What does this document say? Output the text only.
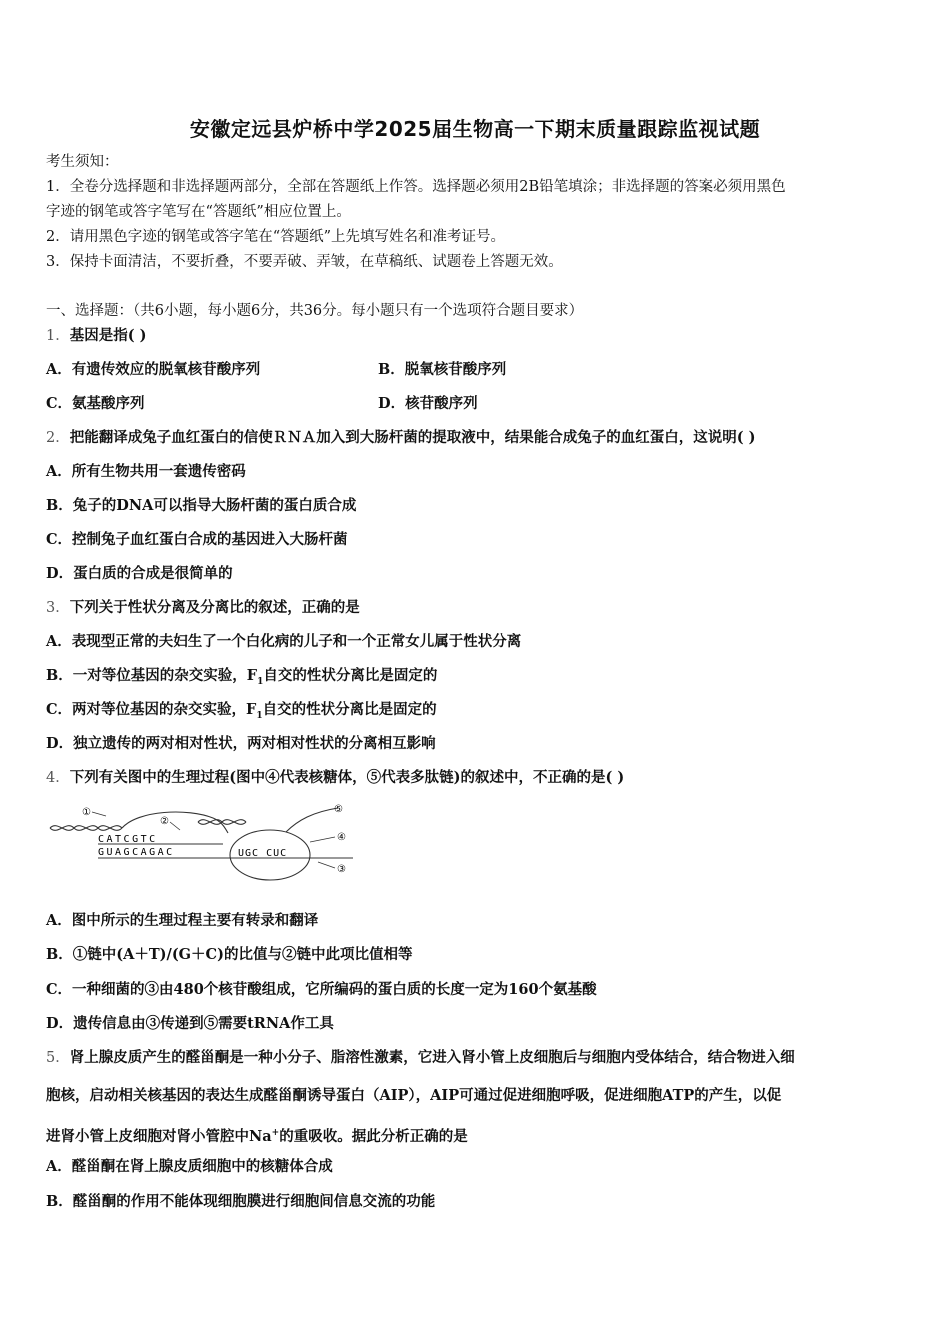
安徽定远县炉桥中学2025届生物高一下期末质量跟踪监视试题
考生须知：
1．全卷分选择题和非选择题两部分，全部在答题纸上作答。选择题必须用2B铅笔填涂；非选择题的答案必须用黑色
字迹的钢笔或答字笔写在“答题纸”相应位置上。
2．请用黑色字迹的钢笔或答字笔在“答题纸”上先填写姓名和准考证号。
3．保持卡面清洁，不要折叠，不要弄破、弄皱，在草稿纸、试题卷上答题无效。
一、选择题：（共6小题，每小题6分，共36分。每小题只有一个选项符合题目要求）
1．基因是指( )
A．有遗传效应的脱氧核苷酸序列	B．脱氧核苷酸序列
C．氨基酸序列	D．核苷酸序列
2．把能翻译成兔子血红蛋白的信使ＲＮＡ加入到大肠杆菌的提取液中，结果能合成兔子的血红蛋白，这说明( )
A．所有生物共用一套遗传密码
B．兔子的DNA可以指导大肠杆菌的蛋白质合成
C．控制兔子血红蛋白合成的基因进入大肠杆菌
D．蛋白质的合成是很简单的
3．下列关于性状分离及分离比的叙述，正确的是
A．表现型正常的夫妇生了一个白化病的儿子和一个正常女儿属于性状分离
B．一对等位基因的杂交实验，$F_1$自交的性状分离比是固定的
C．两对等位基因的杂交实验，$F_1$自交的性状分离比是固定的
D．独立遗传的两对相对性状，两对相对性状的分离相互影响
4．下列有关图中的生理过程(图中④代表核糖体，⑤代表多肽链)的叙述中，不正确的是( )
CATCGTC
GUAGCAGAC	UGC CUC
①
②
⑤
④
③
A．图中所示的生理过程主要有转录和翻译
B．①链中(A＋T)/(G＋C)的比值与②链中此项比值相等
C．一种细菌的③由480个核苷酸组成，它所编码的蛋白质的长度一定为160个氨基酸
D．遗传信息由③传递到⑤需要tRNA作工具
5．肾上腺皮质产生的醛甾酮是一种小分子、脂溶性激素，它进入肾小管上皮细胞后与细胞内受体结合，结合物进入细
胞核，启动相关核基因的表达生成醛甾酮诱导蛋白（AIP），AIP可通过促进细胞呼吸，促进细胞ATP的产生，以促
进肾小管上皮细胞对肾小管腔中Na+的重吸收。据此分析正确的是
A．醛甾酮在肾上腺皮质细胞中的核糖体合成
B．醛甾酮的作用不能体现细胞膜进行细胞间信息交流的功能
